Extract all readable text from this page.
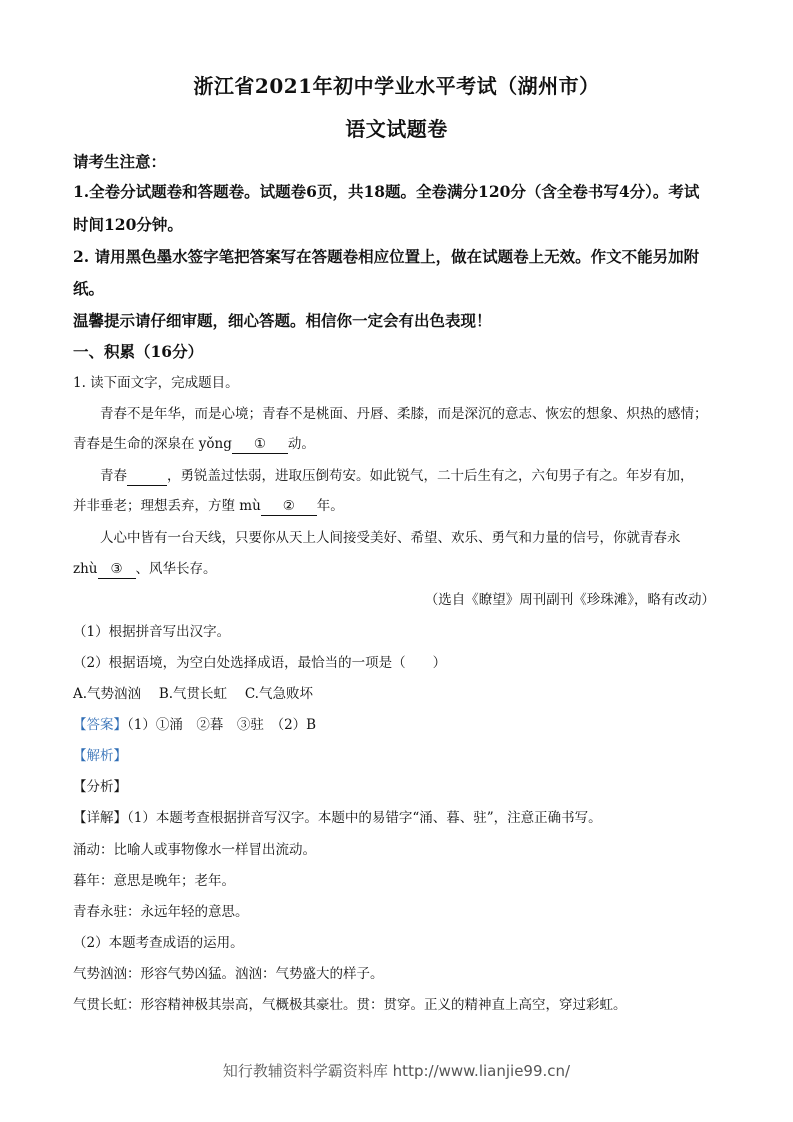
浙江省2021年初中学业水平考试（湖州市）
语文试题卷
请考生注意：
1.全卷分试题卷和答题卷。试题卷6页，共18题。全卷满分120分（含全卷书写4分）。考试
时间120分钟。
2. 请用黑色墨水签字笔把答案写在答题卷相应位置上，做在试题卷上无效。作文不能另加附
纸。
温馨提示请仔细审题，细心答题。相信你一定会有出色表现！
一、积累（16分）
1. 读下面文字，完成题目。
青春不是年华，而是心境；青春不是桃面、丹唇、柔膝，而是深沉的意志、恢宏的想象、炽热的感情；
青春是生命的深泉在 yǒng ① 动。
青春	，勇锐盖过怯弱，进取压倒苟安。如此锐气，二十后生有之，六旬男子有之。年岁有加，
并非垂老；理想丢弃，方堕 mù ② 年。
人心中皆有一台天线，只要你从天上人间接受美好、希望、欢乐、勇气和力量的信号，你就青春永
zhù ③ 、风华长存。
（选自《瞭望》周刊副刊《珍珠滩》，略有改动）
（1）根据拼音写出汉字。
（2）根据语境，为空白处选择成语，最恰当的一项是（　　）
A.气势汹汹　 B.气贯长虹　 C.气急败坏
【答案】（1）①涌　②暮　③驻　（2）B
【解析】
【分析】
【详解】（1）本题考查根据拼音写汉字。本题中的易错字“涌、暮、驻”，注意正确书写。
涌动：比喻人或事物像水一样冒出流动。
暮年：意思是晚年；老年。
青春永驻：永远年轻的意思。
（2）本题考查成语的运用。
气势汹汹：形容气势凶猛。汹汹：气势盛大的样子。
气贯长虹：形容精神极其崇高，气概极其豪壮。贯：贯穿。正义的精神直上高空，穿过彩虹。
知行教辅资料学霸资料库 http://www.lianjie99.cn/
